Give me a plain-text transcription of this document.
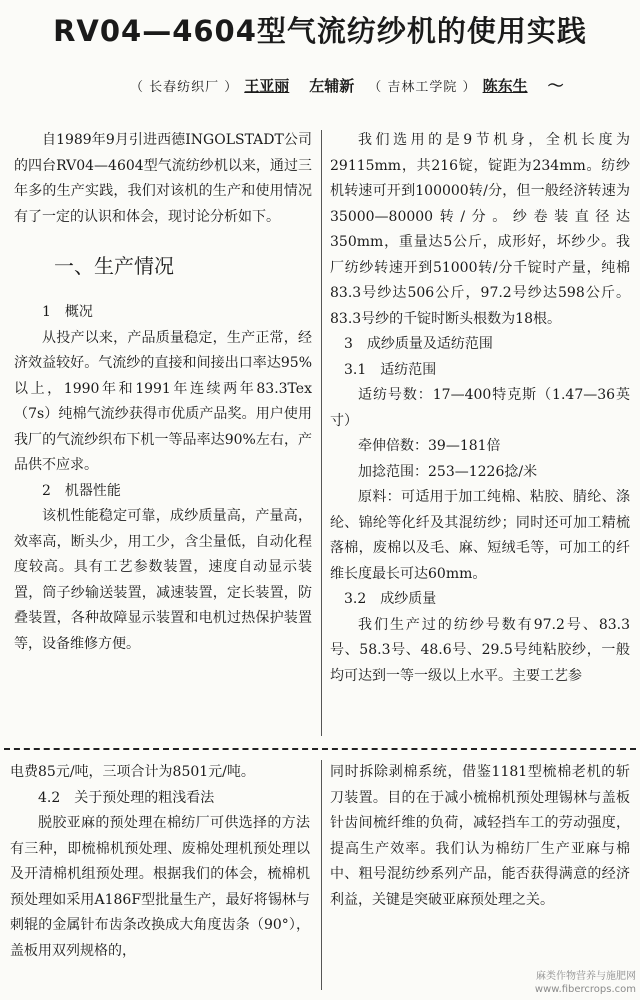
RV04—4604型气流纺纱机的使用实践
（ 长春纺织厂 ） 王亚丽 左辅新 （ 吉林工学院 ） 陈东生 〜

自1989年9月引进西德INGOLSTADT公司的四台RV04—4604型气流纺纱机以来，通过三年多的生产实践，我们对该机的生产和使用情况有了一定的认识和体会，现讨论分析如下。

一、生产情况

1　概况

从投产以来，产品质量稳定，生产正常，经济效益较好。气流纱的直接和间接出口率达95%以上，1990年和1991年连续两年83.3Tex（7s）纯棉气流纱获得市优质产品奖。用户使用我厂的气流纱织布下机一等品率达90%左右，产品供不应求。

2　机器性能

该机性能稳定可靠，成纱质量高，产量高，效率高，断头少，用工少，含尘量低，自动化程度较高。具有工艺参数装置，速度自动显示装置，筒子纱输送装置，减速装置，定长装置，防叠装置，各种故障显示装置和电机过热保护装置等，设备维修方便。

我们选用的是9节机身，全机长度为29115mm，共216锭，锭距为234mm。纺纱机转速可开到100000转/分，但一般经济转速为35000—80000转/分。纱卷装直径达350mm，重量达5公斤，成形好，坏纱少。我厂纺纱转速开到51000转/分千锭时产量，纯棉83.3号纱达506公斤，97.2号纱达598公斤。83.3号纱的千锭时断头根数为18根。

3　成纱质量及适纺范围

3.1　适纺范围

适纺号数：17—400特克斯（1.47—36英寸）

牵伸倍数：39—181倍

加捻范围：253—1226捻/米

原料：可适用于加工纯棉、粘胶、腈纶、涤纶、锦纶等化纤及其混纺纱；同时还可加工精梳落棉，废棉以及毛、麻、短绒毛等，可加工的纤维长度最长可达60mm。

3.2　成纱质量

我们生产过的纺纱号数有97.2号、83.3号、58.3号、48.6号、29.5号纯粘胶纱，一般均可达到一等一级以上水平。主要工艺参

电费85元/吨，三项合计为8501元/吨。

4.2　关于预处理的粗浅看法

脱胶亚麻的预处理在棉纺厂可供选择的方法有三种，即梳棉机预处理、废棉处理机预处理以及开清棉机组预处理。根据我们的体会，梳棉机预处理如采用A186F型批量生产，最好将锡林与刺辊的金属针布齿条改换成大角度齿条（90°），盖板用双列规格的，

同时拆除剥棉系统，借鉴1181型梳棉老机的斩刀装置。目的在于减小梳棉机预处理锡林与盖板针齿间梳纤维的负荷，减轻挡车工的劳动强度，提高生产效率。我们认为棉纺厂生产亚麻与棉中、粗号混纺纱系列产品，能否获得满意的经济利益，关键是突破亚麻预处理之关。

麻类作物营养与施肥网
www.fibercrops.com
